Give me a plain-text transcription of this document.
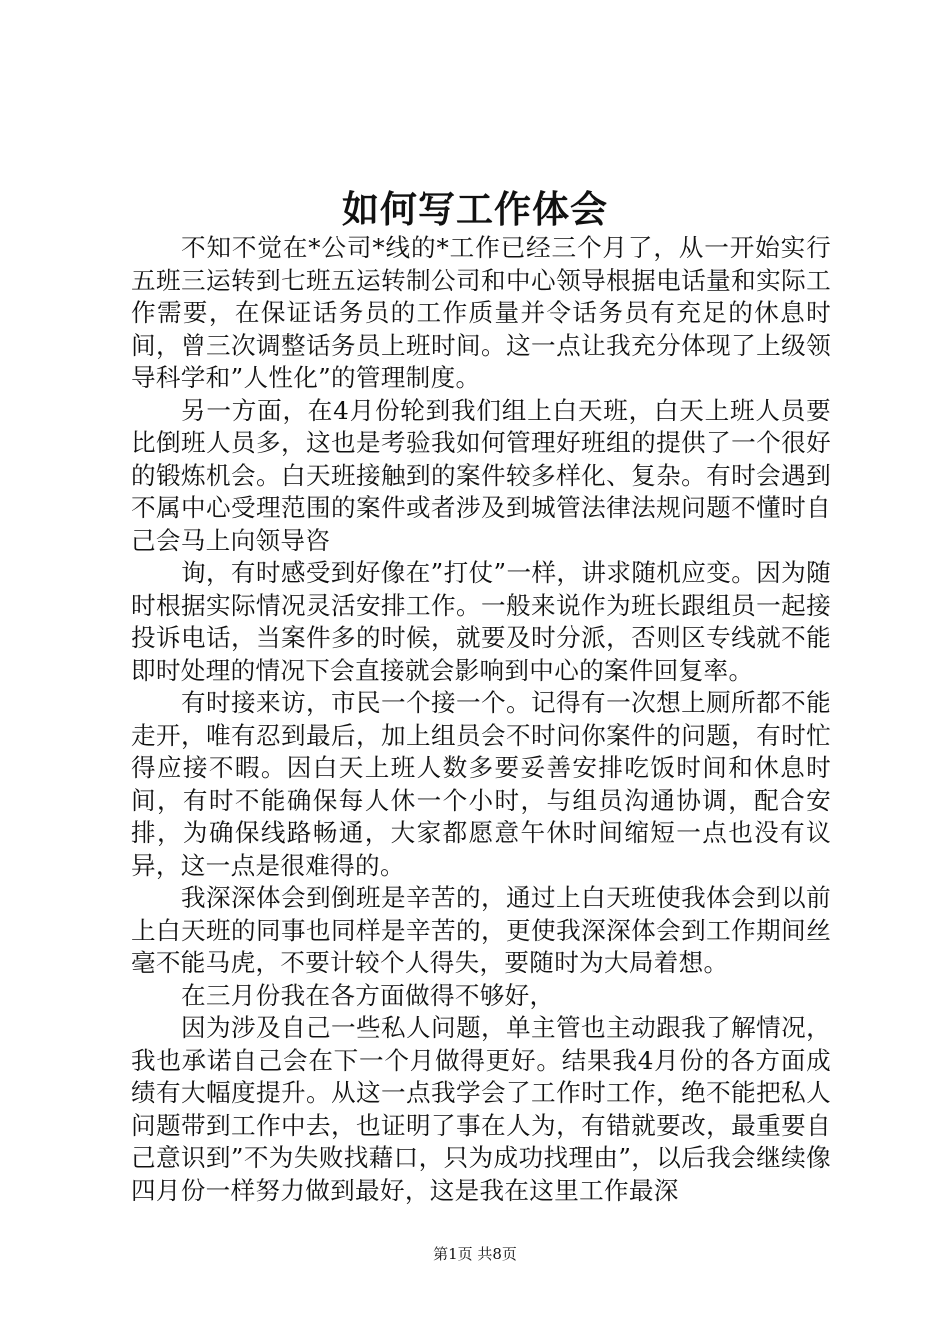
如何写工作体会

不知不觉在*公司*线的*工作已经三个月了，从一开始实行五班三运转到七班五运转制公司和中心领导根据电话量和实际工作需要，在保证话务员的工作质量并令话务员有充足的休息时间，曾三次调整话务员上班时间。这一点让我充分体现了上级领导科学和”人性化”的管理制度。

另一方面，在4月份轮到我们组上白天班，白天上班人员要比倒班人员多，这也是考验我如何管理好班组的提供了一个很好的锻炼机会。白天班接触到的案件较多样化、复杂。有时会遇到不属中心受理范围的案件或者涉及到城管法律法规问题不懂时自己会马上向领导咨

询，有时感受到好像在”打仗”一样，讲求随机应变。因为随时根据实际情况灵活安排工作。一般来说作为班长跟组员一起接投诉电话，当案件多的时候，就要及时分派，否则区专线就不能即时处理的情况下会直接就会影响到中心的案件回复率。

有时接来访，市民一个接一个。记得有一次想上厕所都不能走开，唯有忍到最后，加上组员会不时问你案件的问题，有时忙得应接不暇。因白天上班人数多要妥善安排吃饭时间和休息时间，有时不能确保每人休一个小时，与组员沟通协调，配合安排，为确保线路畅通，大家都愿意午休时间缩短一点也没有议异，这一点是很难得的。

我深深体会到倒班是辛苦的，通过上白天班使我体会到以前上白天班的同事也同样是辛苦的，更使我深深体会到工作期间丝毫不能马虎，不要计较个人得失，要随时为大局着想。

在三月份我在各方面做得不够好，

因为涉及自己一些私人问题，单主管也主动跟我了解情况，我也承诺自己会在下一个月做得更好。结果我4月份的各方面成绩有大幅度提升。从这一点我学会了工作时工作，绝不能把私人问题带到工作中去，也证明了事在人为，有错就要改，最重要自己意识到”不为失败找藉口，只为成功找理由”，以后我会继续像四月份一样努力做到最好，这是我在这里工作最深

第1页 共8页
